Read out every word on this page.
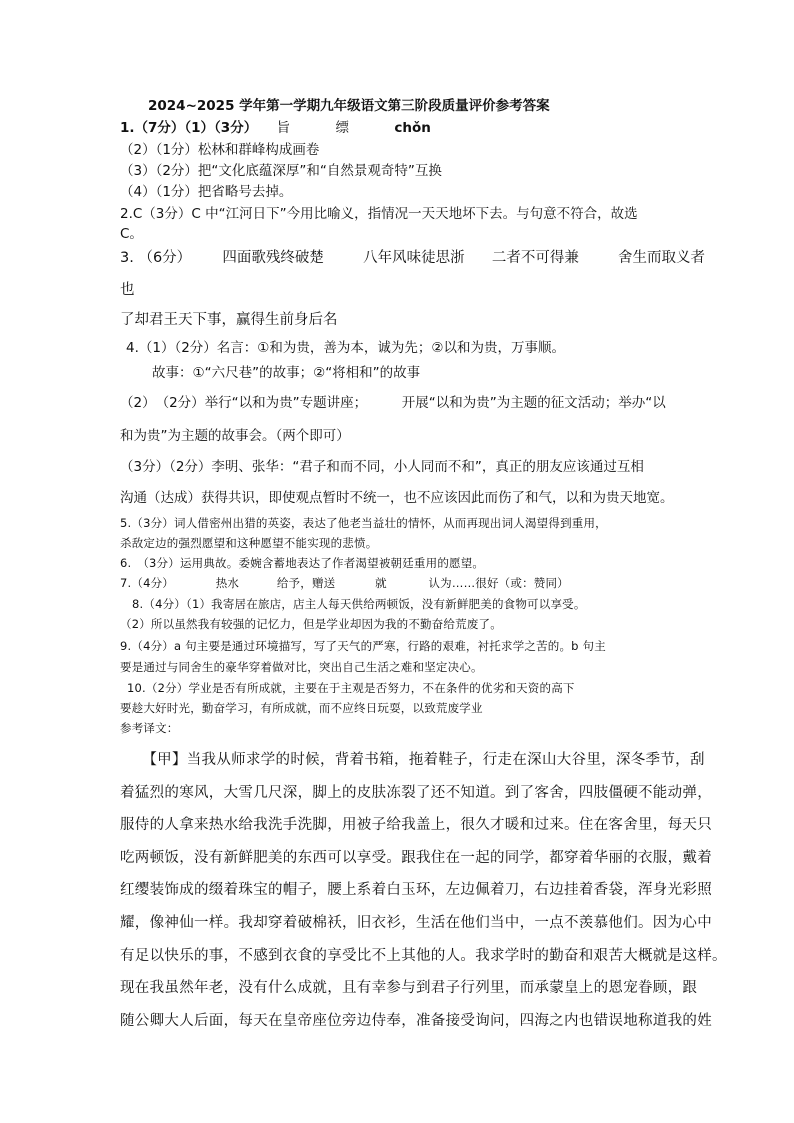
2024~2025 学年第一学期九年级语文第三阶段质量评价参考答案
1.（7分）（1）（3分） 旨	缥	chǒn
（2）（1分）松林和群峰构成画卷
（3）（2分）把“文化底蕴深厚”和“自然景观奇特”互换
（4）（1分）把省略号去掉。
2.C（3分）C 中“江河日下”今用比喻义，指情况一天天地坏下去。与句意不符合，故选
C。
3. （6分） 四面歌残终破楚	八年风味徒思浙 二者不可得兼	舍生而取义者
也
了却君王天下事，赢得生前身后名
4.（1）（2分）名言：①和为贵，善为本，诚为先；②以和为贵，万事顺。
故事：①“六尺巷”的故事；②“将相和”的故事
（2）　（2分）举行“以和为贵”专题讲座；	开展“以和为贵”为主题的征文活动；举办“以
和为贵”为主题的故事会。（两个即可）
（3分）（2分）李明、张华：“君子和而不同，小人同而不和”，真正的朋友应该通过互相
沟通（达成）获得共识，即使观点暂时不统一，也不应该因此而伤了和气，以和为贵天地宽。
5.（3分）词人借密州出猎的英姿，表达了他老当益壮的情怀，从而再现出词人渴望得到重用，
杀敌定边的强烈愿望和这种愿望不能实现的悲愤。
6.　（3分）运用典故。委婉含蓄地表达了作者渴望被朝廷重用的愿望。
7.（4分）	热水	给予，赠送	就	认为……很好（或：赞同）
8.（4分）（1）我寄居在旅店，店主人每天供给两顿饭，没有新鲜肥美的食物可以享受。
（2）所以虽然我有较强的记忆力，但是学业却因为我的不勤奋给荒废了。
9.（4分）a 句主要是通过环境描写，写了天气的严寒，行路的艰难，衬托求学之苦的。b 句主
要是通过与同舍生的豪华穿着做对比，突出自己生活之难和坚定决心。
10.（2分）学业是否有所成就，主要在于主观是否努力，不在条件的优劣和天资的高下
要趁大好时光，勤奋学习，有所成就，而不应终日玩耍，以致荒废学业
参考译文：

　　【甲】当我从师求学的时候，背着书箱，拖着鞋子，行走在深山大谷里，深冬季节，刮

着猛烈的寒风，大雪几尺深，脚上的皮肤冻裂了还不知道。到了客舍，四肢僵硬不能动弹，

服侍的人拿来热水给我洗手洗脚，用被子给我盖上，很久才暖和过来。住在客舍里，每天只

吃两顿饭，没有新鲜肥美的东西可以享受。跟我住在一起的同学，都穿着华丽的衣服，戴着

红缨装饰成的缀着珠宝的帽子，腰上系着白玉环，左边佩着刀，右边挂着香袋，浑身光彩照

耀，像神仙一样。我却穿着破棉袄，旧衣衫，生活在他们当中，一点不羡慕他们。因为心中

有足以快乐的事，不感到衣食的享受比不上其他的人。我求学时的勤奋和艰苦大概就是这样。

现在我虽然年老，没有什么成就，且有幸参与到君子行列里，而承蒙皇上的恩宠眷顾，跟

随公卿大人后面，每天在皇帝座位旁边侍奉，准备接受询问，四海之内也错误地称道我的姓
